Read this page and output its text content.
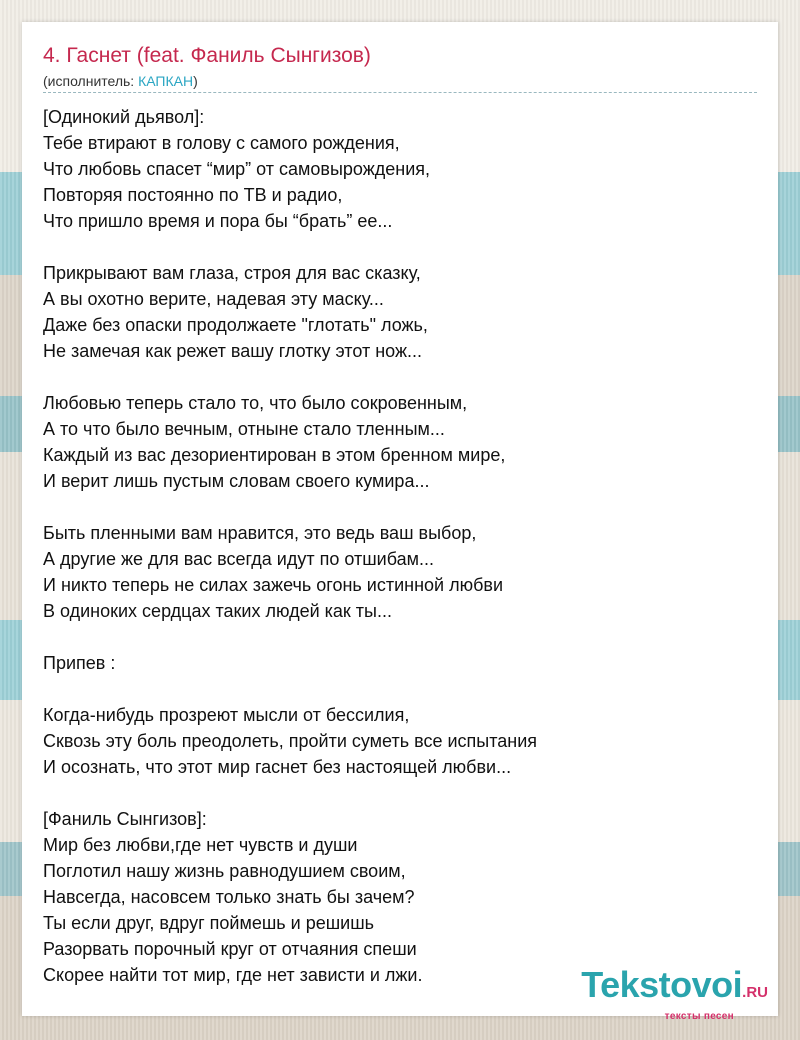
4. Гаснет (feat. Фаниль Сынгизов)
(исполнитель: КАПКАН)
[Одинокий дьявол]:
Тебе втирают в голову с самого рождения,
Что любовь спасет “мир” от самовырождения,
Повторяя постоянно по ТВ и радио,
Что пришло время и пора бы “брать” ее...
Прикрывают вам глаза, строя для вас сказку,
А вы охотно верите, надевая эту маску...
Даже без опаски продолжаете "глотать" ложь,
Не замечая как режет вашу глотку этот нож...
Любовью теперь стало то, что было сокровенным,
А то что было вечным, отныне стало тленным...
Каждый из вас дезориентирован в этом бренном мире,
И верит лишь пустым словам своего кумира...
Быть пленными вам нравится, это ведь ваш выбор,
А другие же для вас всегда идут по отшибам...
И никто теперь не силах зажечь огонь истинной любви
В одиноких сердцах таких людей как ты...
Припев :
Когда-нибудь прозреют мысли от бессилия,
Сквозь эту боль преодолеть, пройти суметь все испытания
И осознать, что этот мир гаснет без настоящей любви...
[Фаниль Сынгизов]:
Мир без любви,где нет чувств и души
Поглотил нашу жизнь равнодушием своим,
Навсегда, насовсем только знать бы зачем?
Ты если друг, вдруг поймешь и решишь
Разорвать порочный круг от отчаяния спеши
Скорее найти тот мир, где нет зависти и лжи.	Tekstovoi.RU
тексты песен
